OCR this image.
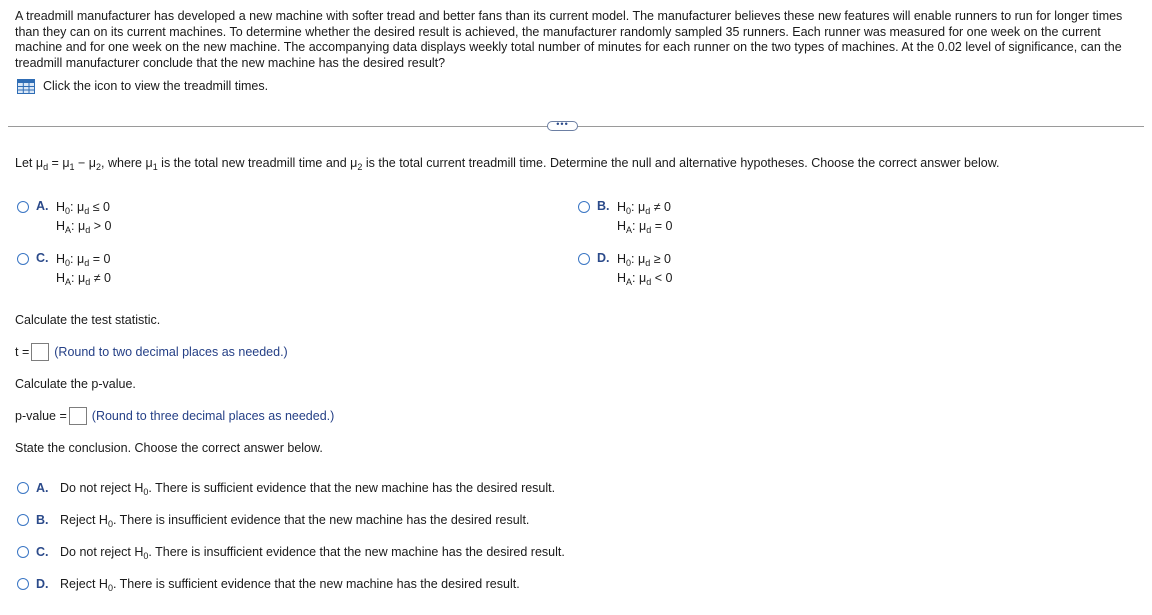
A treadmill manufacturer has developed a new machine with softer tread and better fans than its current model. The manufacturer believes these new features will enable runners to run for longer times than they can on its current machines. To determine whether the desired result is achieved, the manufacturer randomly sampled 35 runners. Each runner was measured for one week on the current machine and for one week on the new machine. The accompanying data displays weekly total number of minutes for each runner on the two types of machines. At the 0.02 level of significance, can the treadmill manufacturer conclude that the new machine has the desired result?
Click the icon to view the treadmill times.
•••
Let $\mu_d = \mu_1 - \mu_2$, where $\mu_1$ is the total new treadmill time and $\mu_2$ is the total current treadmill time. Determine the null and alternative hypotheses. Choose the correct answer below.
A. $H_0$: $\mu_d \le 0$
$H_A$: $\mu_d > 0$
B. $H_0$: $\mu_d \ne 0$
$H_A$: $\mu_d = 0$
C. $H_0$: $\mu_d = 0$
$H_A$: $\mu_d \ne 0$
D. $H_0$: $\mu_d \ge 0$
$H_A$: $\mu_d < 0$
Calculate the test statistic.
t = (Round to two decimal places as needed.)
Calculate the p-value.
p-value = (Round to three decimal places as needed.)
State the conclusion. Choose the correct answer below.
A. Do not reject $H_0$. There is sufficient evidence that the new machine has the desired result.
B. Reject $H_0$. There is insufficient evidence that the new machine has the desired result.
C. Do not reject $H_0$. There is insufficient evidence that the new machine has the desired result.
D. Reject $H_0$. There is sufficient evidence that the new machine has the desired result.
